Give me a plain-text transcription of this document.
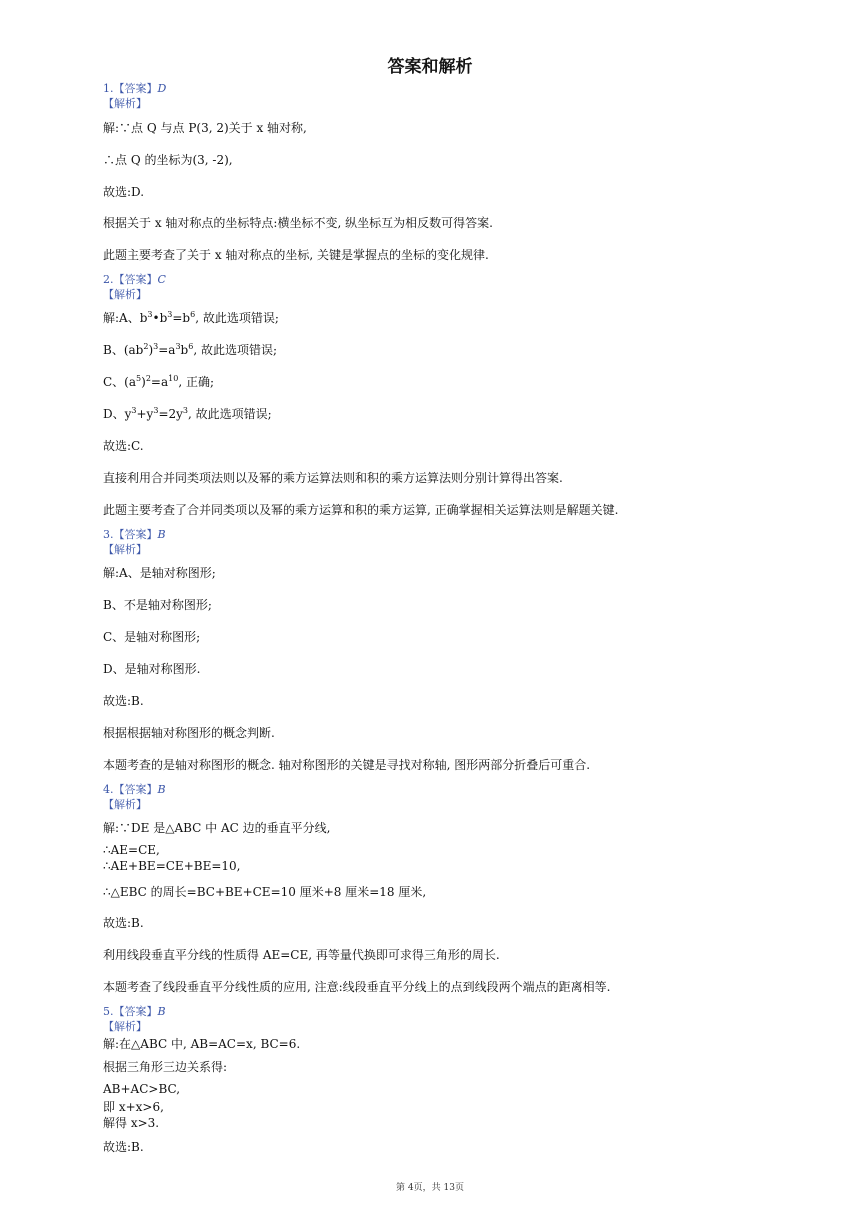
答案和解析
1.【答案】D
【解析】
解:∵点 Q 与点 P(3, 2)关于 x 轴对称,
∴点 Q 的坐标为(3, -2),
故选:D.
根据关于 x 轴对称点的坐标特点:横坐标不变, 纵坐标互为相反数可得答案.
此题主要考查了关于 x 轴对称点的坐标, 关键是掌握点的坐标的变化规律.
2.【答案】C
【解析】
解:A、$b^3•b^3=b^6$, 故此选项错误;
B、$(ab^2)^3=a^3b^6$, 故此选项错误;
C、$(a^5)^2=a^{10}$, 正确;
D、$y^3+y^3=2y^3$, 故此选项错误;
故选:C.
直接利用合并同类项法则以及幂的乘方运算法则和积的乘方运算法则分别计算得出答案.
此题主要考查了合并同类项以及幂的乘方运算和积的乘方运算, 正确掌握相关运算法则是解题关键.
3.【答案】B
【解析】
解:A、是轴对称图形;
B、不是轴对称图形;
C、是轴对称图形;
D、是轴对称图形.
故选:B.
根据根据轴对称图形的概念判断.
本题考查的是轴对称图形的概念. 轴对称图形的关键是寻找对称轴, 图形两部分折叠后可重合.
4.【答案】B
【解析】
解:∵DE 是△ABC 中 AC 边的垂直平分线,
∴AE=CE,
∴AE+BE=CE+BE=10,
∴△EBC 的周长=BC+BE+CE=10 厘米+8 厘米=18 厘米,
故选:B.
利用线段垂直平分线的性质得 AE=CE, 再等量代换即可求得三角形的周长.
本题考查了线段垂直平分线性质的应用, 注意:线段垂直平分线上的点到线段两个端点的距离相等.
5.【答案】B
【解析】
解:在△ABC 中, AB=AC=x, BC=6.
根据三角形三边关系得:
AB+AC>BC,
即 x+x>6,
解得 x>3.
故选:B.
第 4页，共 13页
